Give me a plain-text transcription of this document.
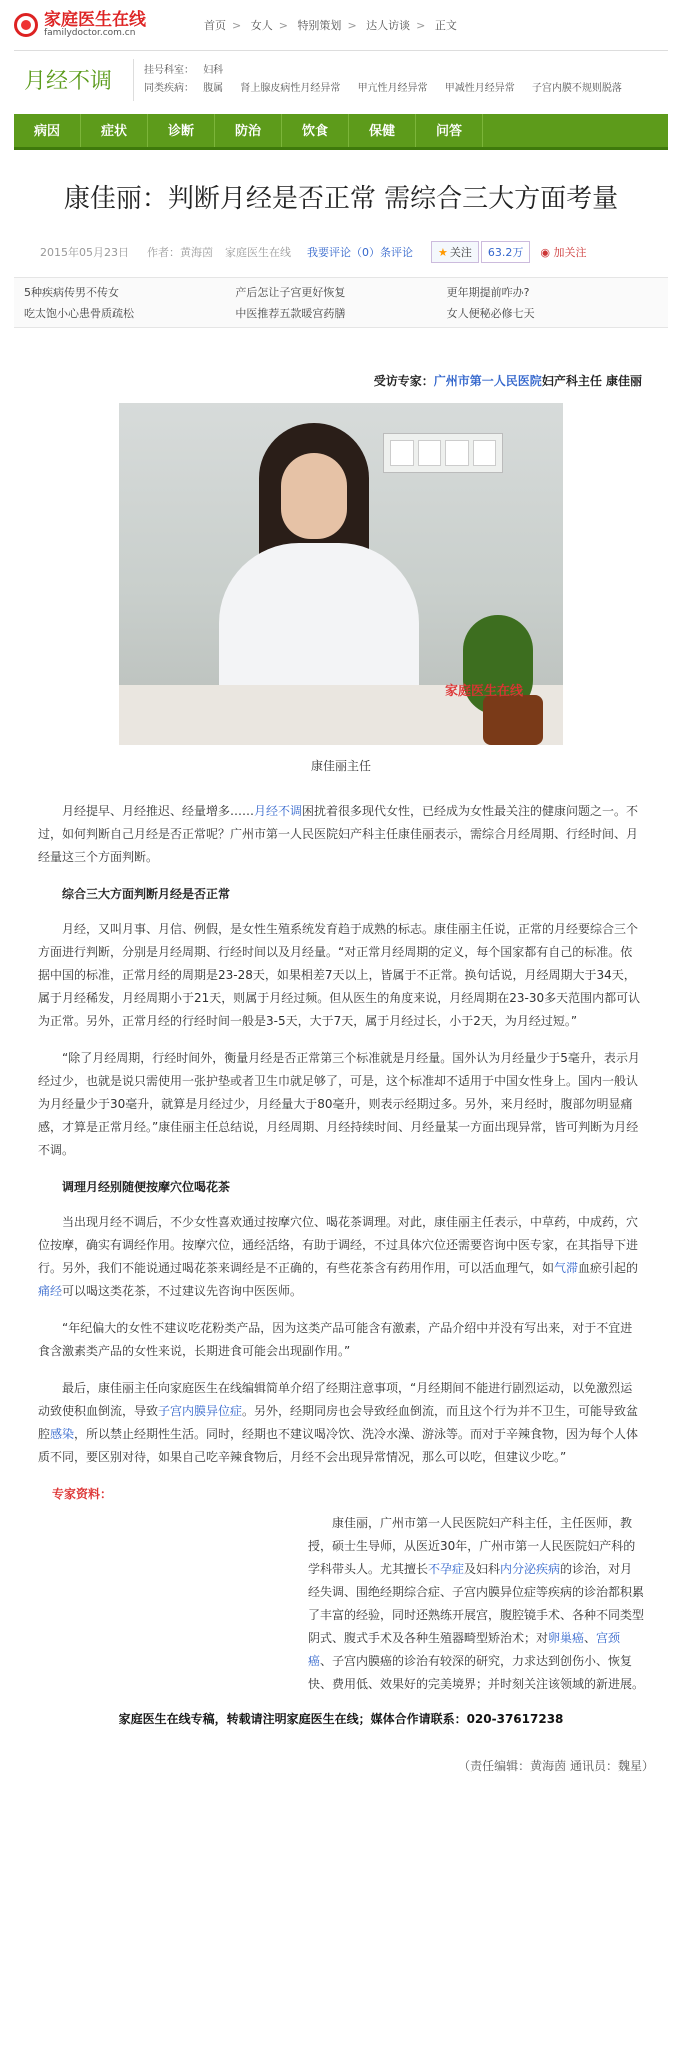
家庭医生在线
familydoctor.com.cn
首页 > 女人 > 特别策划 > 达人访谈 > 正文
月经不调	挂号科室： 妇科
同类疾病： 腹属 肾上腺皮病性月经异常 甲亢性月经异常 甲减性月经异常 子宫内膜不规则脱落
病因	症状	诊断	防治	饮食	保健	问答
康佳丽：判断月经是否正常 需综合三大方面考量
2015年05月23日 作者：黄海茵 家庭医生在线 我要评论（0）条评论	★ 关注	63.2万	◉ 加关注
5种疾病传男不传女	产后怎让子宫更好恢复	更年期提前咋办?
吃太饱小心患骨质疏松	中医推荐五款暖宫药膳	女人便秘必修七天
受访专家：广州市第一人民医院妇产科主任 康佳丽
家庭医生在线
康佳丽主任

月经提早、月经推迟、经量增多……月经不调困扰着很多现代女性，已经成为女性最关注的健康问题之一。不过，如何判断自己月经是否正常呢？广州市第一人民医院妇产科主任康佳丽表示，需综合月经周期、行经时间、月经量这三个方面判断。

综合三大方面判断月经是否正常

月经，又叫月事、月信、例假，是女性生殖系统发育趋于成熟的标志。康佳丽主任说，正常的月经要综合三个方面进行判断，分别是月经周期、行经时间以及月经量。“对正常月经周期的定义，每个国家都有自己的标准。依据中国的标准，正常月经的周期是23-28天，如果相差7天以上，皆属于不正常。换句话说，月经周期大于34天，属于月经稀发，月经周期小于21天，则属于月经过频。但从医生的角度来说，月经周期在23-30多天范围内都可认为正常。另外，正常月经的行经时间一般是3-5天，大于7天，属于月经过长，小于2天，为月经过短。”

“除了月经周期，行经时间外，衡量月经是否正常第三个标准就是月经量。国外认为月经量少于5毫升，表示月经过少，也就是说只需使用一张护垫或者卫生巾就足够了，可是，这个标准却不适用于中国女性身上。国内一般认为月经量少于30毫升，就算是月经过少，月经量大于80毫升，则表示经期过多。另外，来月经时，腹部勿明显痛感，才算是正常月经。”康佳丽主任总结说，月经周期、月经持续时间、月经量某一方面出现异常，皆可判断为月经不调。

调理月经别随便按摩穴位喝花茶

当出现月经不调后，不少女性喜欢通过按摩穴位、喝花茶调理。对此，康佳丽主任表示，中草药，中成药，穴位按摩，确实有调经作用。按摩穴位，通经活络，有助于调经，不过具体穴位还需要咨询中医专家，在其指导下进行。另外，我们不能说通过喝花茶来调经是不正确的，有些花茶含有药用作用，可以活血理气，如气滞血瘀引起的痛经可以喝这类花茶，不过建议先咨询中医医师。

“年纪偏大的女性不建议吃花粉类产品，因为这类产品可能含有激素，产品介绍中并没有写出来，对于不宜进食含激素类产品的女性来说，长期进食可能会出现副作用。”

最后，康佳丽主任向家庭医生在线编辑简单介绍了经期注意事项，“月经期间不能进行剧烈运动，以免激烈运动致使积血倒流，导致子宫内膜异位症。另外，经期同房也会导致经血倒流，而且这个行为并不卫生，可能导致盆腔感染，所以禁止经期性生活。同时，经期也不建议喝冷饮、洗冷水澡、游泳等。而对于辛辣食物，因为每个人体质不同，要区别对待，如果自己吃辛辣食物后，月经不会出现异常情况，那么可以吃，但建议少吃。”

专家资料：
康佳丽，广州市第一人民医院妇产科主任，主任医师，教授，硕士生导师，从医近30年，广州市第一人民医院妇产科的学科带头人。尤其擅长不孕症及妇科内分泌疾病的诊治，对月经失调、围绝经期综合症、子宫内膜异位症等疾病的诊治都积累了丰富的经验，同时还熟练开展宫，腹腔镜手术、各种不同类型阴式、腹式手术及各种生殖器畸型矫治术；对卵巢癌、宫颈癌、子宫内膜癌的诊治有较深的研究，力求达到创伤小、恢复快、费用低、效果好的完美境界；并时刻关注该领域的新进展。
家庭医生在线专稿，转载请注明家庭医生在线；媒体合作请联系：020-37617238
（责任编辑：黄海茵 通讯员：魏星）
